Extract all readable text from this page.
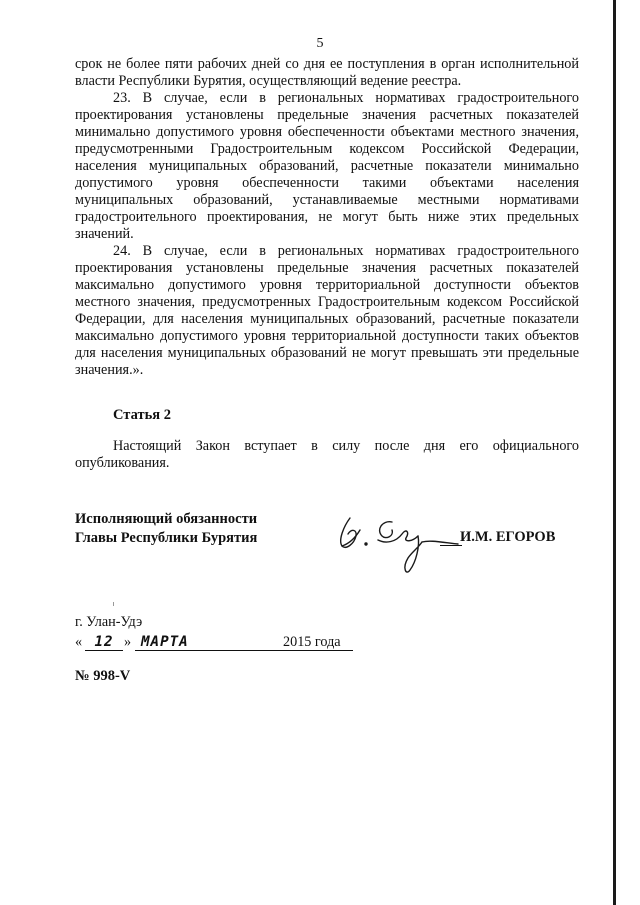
5

срок не более пяти рабочих дней со дня ее поступления в орган исполнительной власти Республики Бурятия, осуществляющий ведение реестра.

23. В случае, если в региональных нормативах градостроительного проектирования установлены предельные значения расчетных показателей минимально допустимого уровня обеспеченности объектами местного значения, предусмотренными Градостроительным кодексом Российской Федерации, населения муниципальных образований, расчетные показатели минимально допустимого уровня обеспеченности такими объектами населения муниципальных образований, устанавливаемые местными нормативами градостроительного проектирования, не могут быть ниже этих предельных значений.

24. В случае, если в региональных нормативах градостроительного проектирования установлены предельные значения расчетных показателей максимально допустимого уровня территориальной доступности объектов местного значения, предусмотренных Градостроительным кодексом Российской Федерации, для населения муниципальных образований, расчетные показатели максимально допустимого уровня территориальной доступности таких объектов для населения муниципальных образований не могут превышать эти предельные значения.».

Статья 2

Настоящий Закон вступает в силу после дня его официального опубликования.

Исполняющий обязанности
Главы Республики Бурятия	И.М. ЕГОРОВ
г. Улан-Удэ
« 12 » МАРТА	2015 года
№ 998-V
